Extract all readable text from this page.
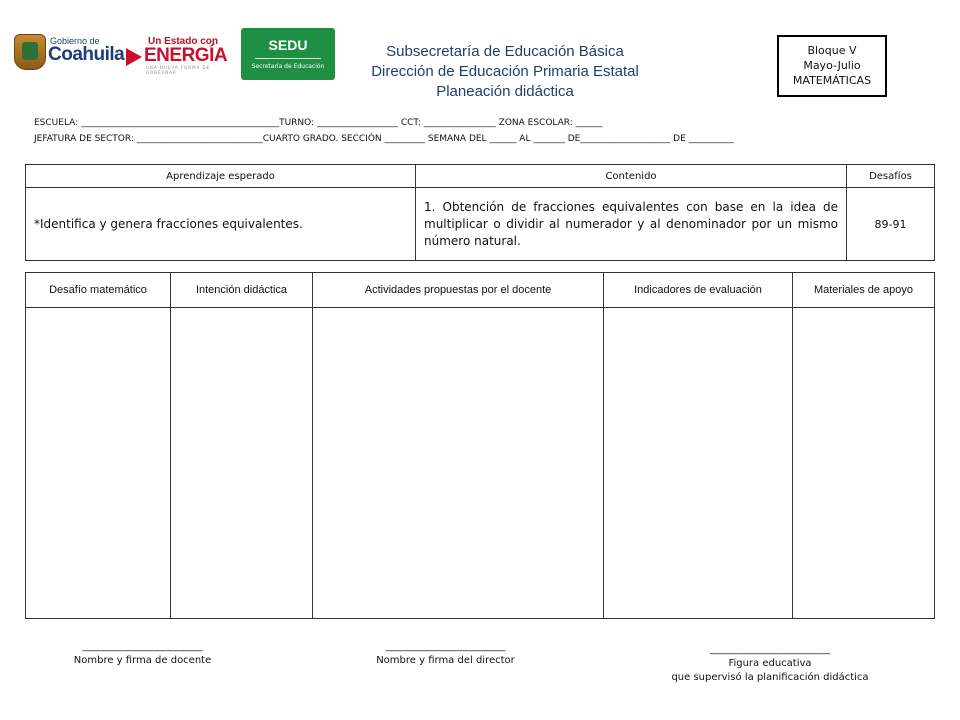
Gobierno de
Coahuila
Un Estado con
ENERGÍA
UNA NUEVA FORMA DE GOBERNAR
SEDU
Secretaría de Educación
Subsecretaría de Educación Básica
Dirección de Educación Primaria Estatal
Planeación didáctica
Bloque V
Mayo-Julio
MATEMÁTICAS
ESCUELA: ____________________________________________TURNO: __________________ CCT: ________________ ZONA ESCOLAR: ______
JEFATURA DE SECTOR: ____________________________CUARTO GRADO. SECCIÓN _________ SEMANA DEL ______ AL _______ DE____________________ DE __________
Aprendizaje esperado	Contenido	Desafíos
*Identifica y genera fracciones equivalentes.	1. Obtención de fracciones equivalentes con base en la idea de multiplicar o dividir al numerador y al denominador por un mismo número natural.	89-91
Desafío matemático	Intención didáctica	Actividades propuestas por el docente	Indicadores de evaluación	Materiales de apoyo

________________________
Nombre y firma de docente
________________________
Nombre y firma del director
________________________
Figura educativa
que supervisó la planificación didáctica
